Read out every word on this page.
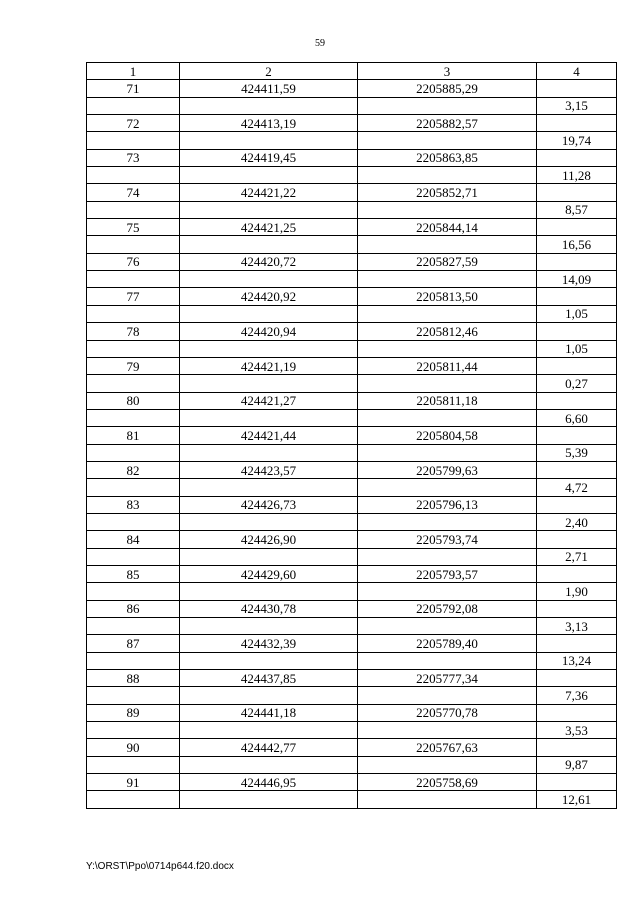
59
1	2	3	4
71	424411,59	2205885,29	
			3,15
72	424413,19	2205882,57	
			19,74
73	424419,45	2205863,85	
			11,28
74	424421,22	2205852,71	
			8,57
75	424421,25	2205844,14	
			16,56
76	424420,72	2205827,59	
			14,09
77	424420,92	2205813,50	
			1,05
78	424420,94	2205812,46	
			1,05
79	424421,19	2205811,44	
			0,27
80	424421,27	2205811,18	
			6,60
81	424421,44	2205804,58	
			5,39
82	424423,57	2205799,63	
			4,72
83	424426,73	2205796,13	
			2,40
84	424426,90	2205793,74	
			2,71
85	424429,60	2205793,57	
			1,90
86	424430,78	2205792,08	
			3,13
87	424432,39	2205789,40	
			13,24
88	424437,85	2205777,34	
			7,36
89	424441,18	2205770,78	
			3,53
90	424442,77	2205767,63	
			9,87
91	424446,95	2205758,69	
			12,61
Y:\ORST\Ppo\0714p644.f20.docx
